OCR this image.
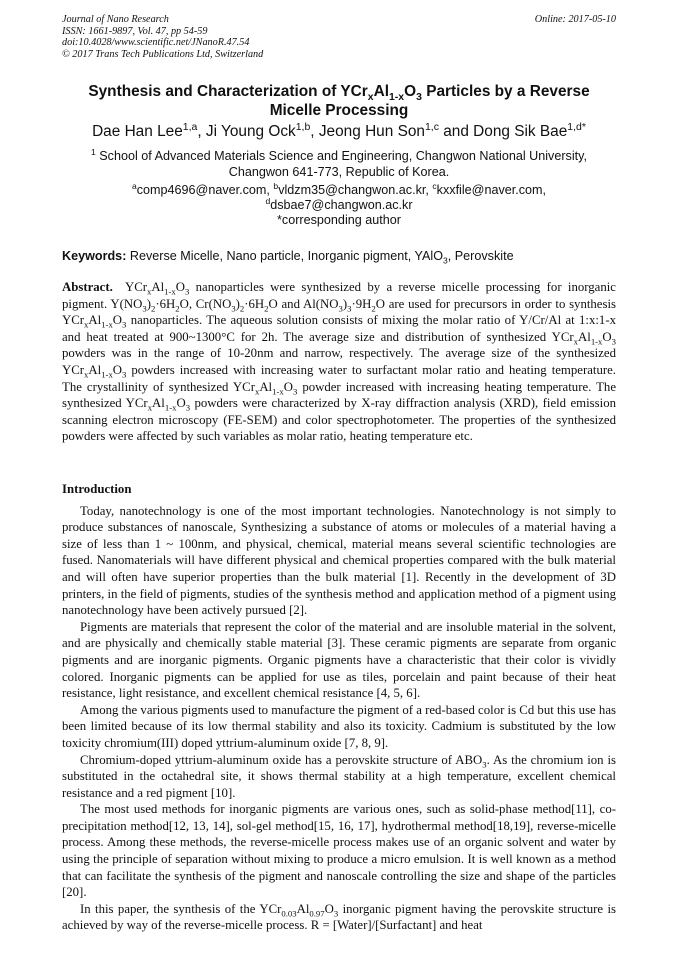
Journal of Nano Research
ISSN: 1661-9897, Vol. 47, pp 54-59
doi:10.4028/www.scientific.net/JNanoR.47.54
© 2017 Trans Tech Publications Ltd, Switzerland
Online: 2017-05-10
Synthesis and Characterization of $YCr_xAl_{1-x}O_3$ Particles by a Reverse Micelle Processing
Dae Han Lee$^{1,a}$, Ji Young Ock$^{1,b}$, Jeong Hun Son$^{1,c}$ and Dong Sik Bae$^{1,d*}$
$^1$ School of Advanced Materials Science and Engineering, Changwon National University, Changwon 641-773, Republic of Korea.
$^a$comp4696@naver.com, $^b$vldzm35@changwon.ac.kr, $^c$kxxfile@naver.com,
$^d$dsbae7@changwon.ac.kr
*corresponding author
Keywords: Reverse Micelle, Nano particle, Inorganic pigment, YAlO$_3$, Perovskite
Abstract. $YCr_xAl_{1-x}O_3$ nanoparticles were synthesized by a reverse micelle processing for inorganic pigment. $Y(NO_3)_2\cdot 6H_2O$, $Cr(NO_3)_2\cdot 6H_2O$ and $Al(NO_3)_3\cdot 9H_2O$ are used for precursors in order to synthesis $YCr_xAl_{1-x}O_3$ nanoparticles. The aqueous solution consists of mixing the molar ratio of Y/Cr/Al at 1:x:1-x and heat treated at 900~1300°C for 2h. The average size and distribution of synthesized $YCr_xAl_{1-x}O_3$ powders was in the range of 10-20nm and narrow, respectively. The average size of the synthesized $YCr_xAl_{1-x}O_3$ powders increased with increasing water to surfactant molar ratio and heating temperature. The crystallinity of synthesized $YCr_xAl_{1-x}O_3$ powder increased with increasing heating temperature. The synthesized $YCr_xAl_{1-x}O_3$ powders were characterized by X-ray diffraction analysis (XRD), field emission scanning electron microscopy (FE-SEM) and color spectrophotometer. The properties of the synthesized powders were affected by such variables as molar ratio, heating temperature etc.

Introduction

Today, nanotechnology is one of the most important technologies. Nanotechnology is not simply to produce substances of nanoscale, Synthesizing a substance of atoms or molecules of a material having a size of less than 1 ~ 100nm, and physical, chemical, material means several scientific technologies are fused. Nanomaterials will have different physical and chemical properties compared with the bulk material and will often have superior properties than the bulk material [1]. Recently in the development of 3D printers, in the field of pigments, studies of the synthesis method and application method of a pigment using nanotechnology have been actively pursued [2].

Pigments are materials that represent the color of the material and are insoluble material in the solvent, and are physically and chemically stable material [3]. These ceramic pigments are separate from organic pigments and are inorganic pigments. Organic pigments have a characteristic that their color is vividly colored. Inorganic pigments can be applied for use as tiles, porcelain and paint because of their heat resistance, light resistance, and excellent chemical resistance [4, 5, 6].

Among the various pigments used to manufacture the pigment of a red-based color is Cd but this use has been limited because of its low thermal stability and also its toxicity. Cadmium is substituted by the low toxicity chromium(III) doped yttrium-aluminum oxide [7, 8, 9].

Chromium-doped yttrium-aluminum oxide has a perovskite structure of $ABO_3$. As the chromium ion is substituted in the octahedral site, it shows thermal stability at a high temperature, excellent chemical resistance and a red pigment [10].

The most used methods for inorganic pigments are various ones, such as solid-phase method[11], co-precipitation method[12, 13, 14], sol-gel method[15, 16, 17], hydrothermal method[18,19], reverse-micelle process. Among these methods, the reverse-micelle process makes use of an organic solvent and water by using the principle of separation without mixing to produce a micro emulsion. It is well known as a method that can facilitate the synthesis of the pigment and nanoscale controlling the size and shape of the particles [20].

In this paper, the synthesis of the $YCr_{0.03}Al_{0.97}O_3$ inorganic pigment having the perovskite structure is achieved by way of the reverse-micelle process. R = [Water]/[Surfactant] and heat
